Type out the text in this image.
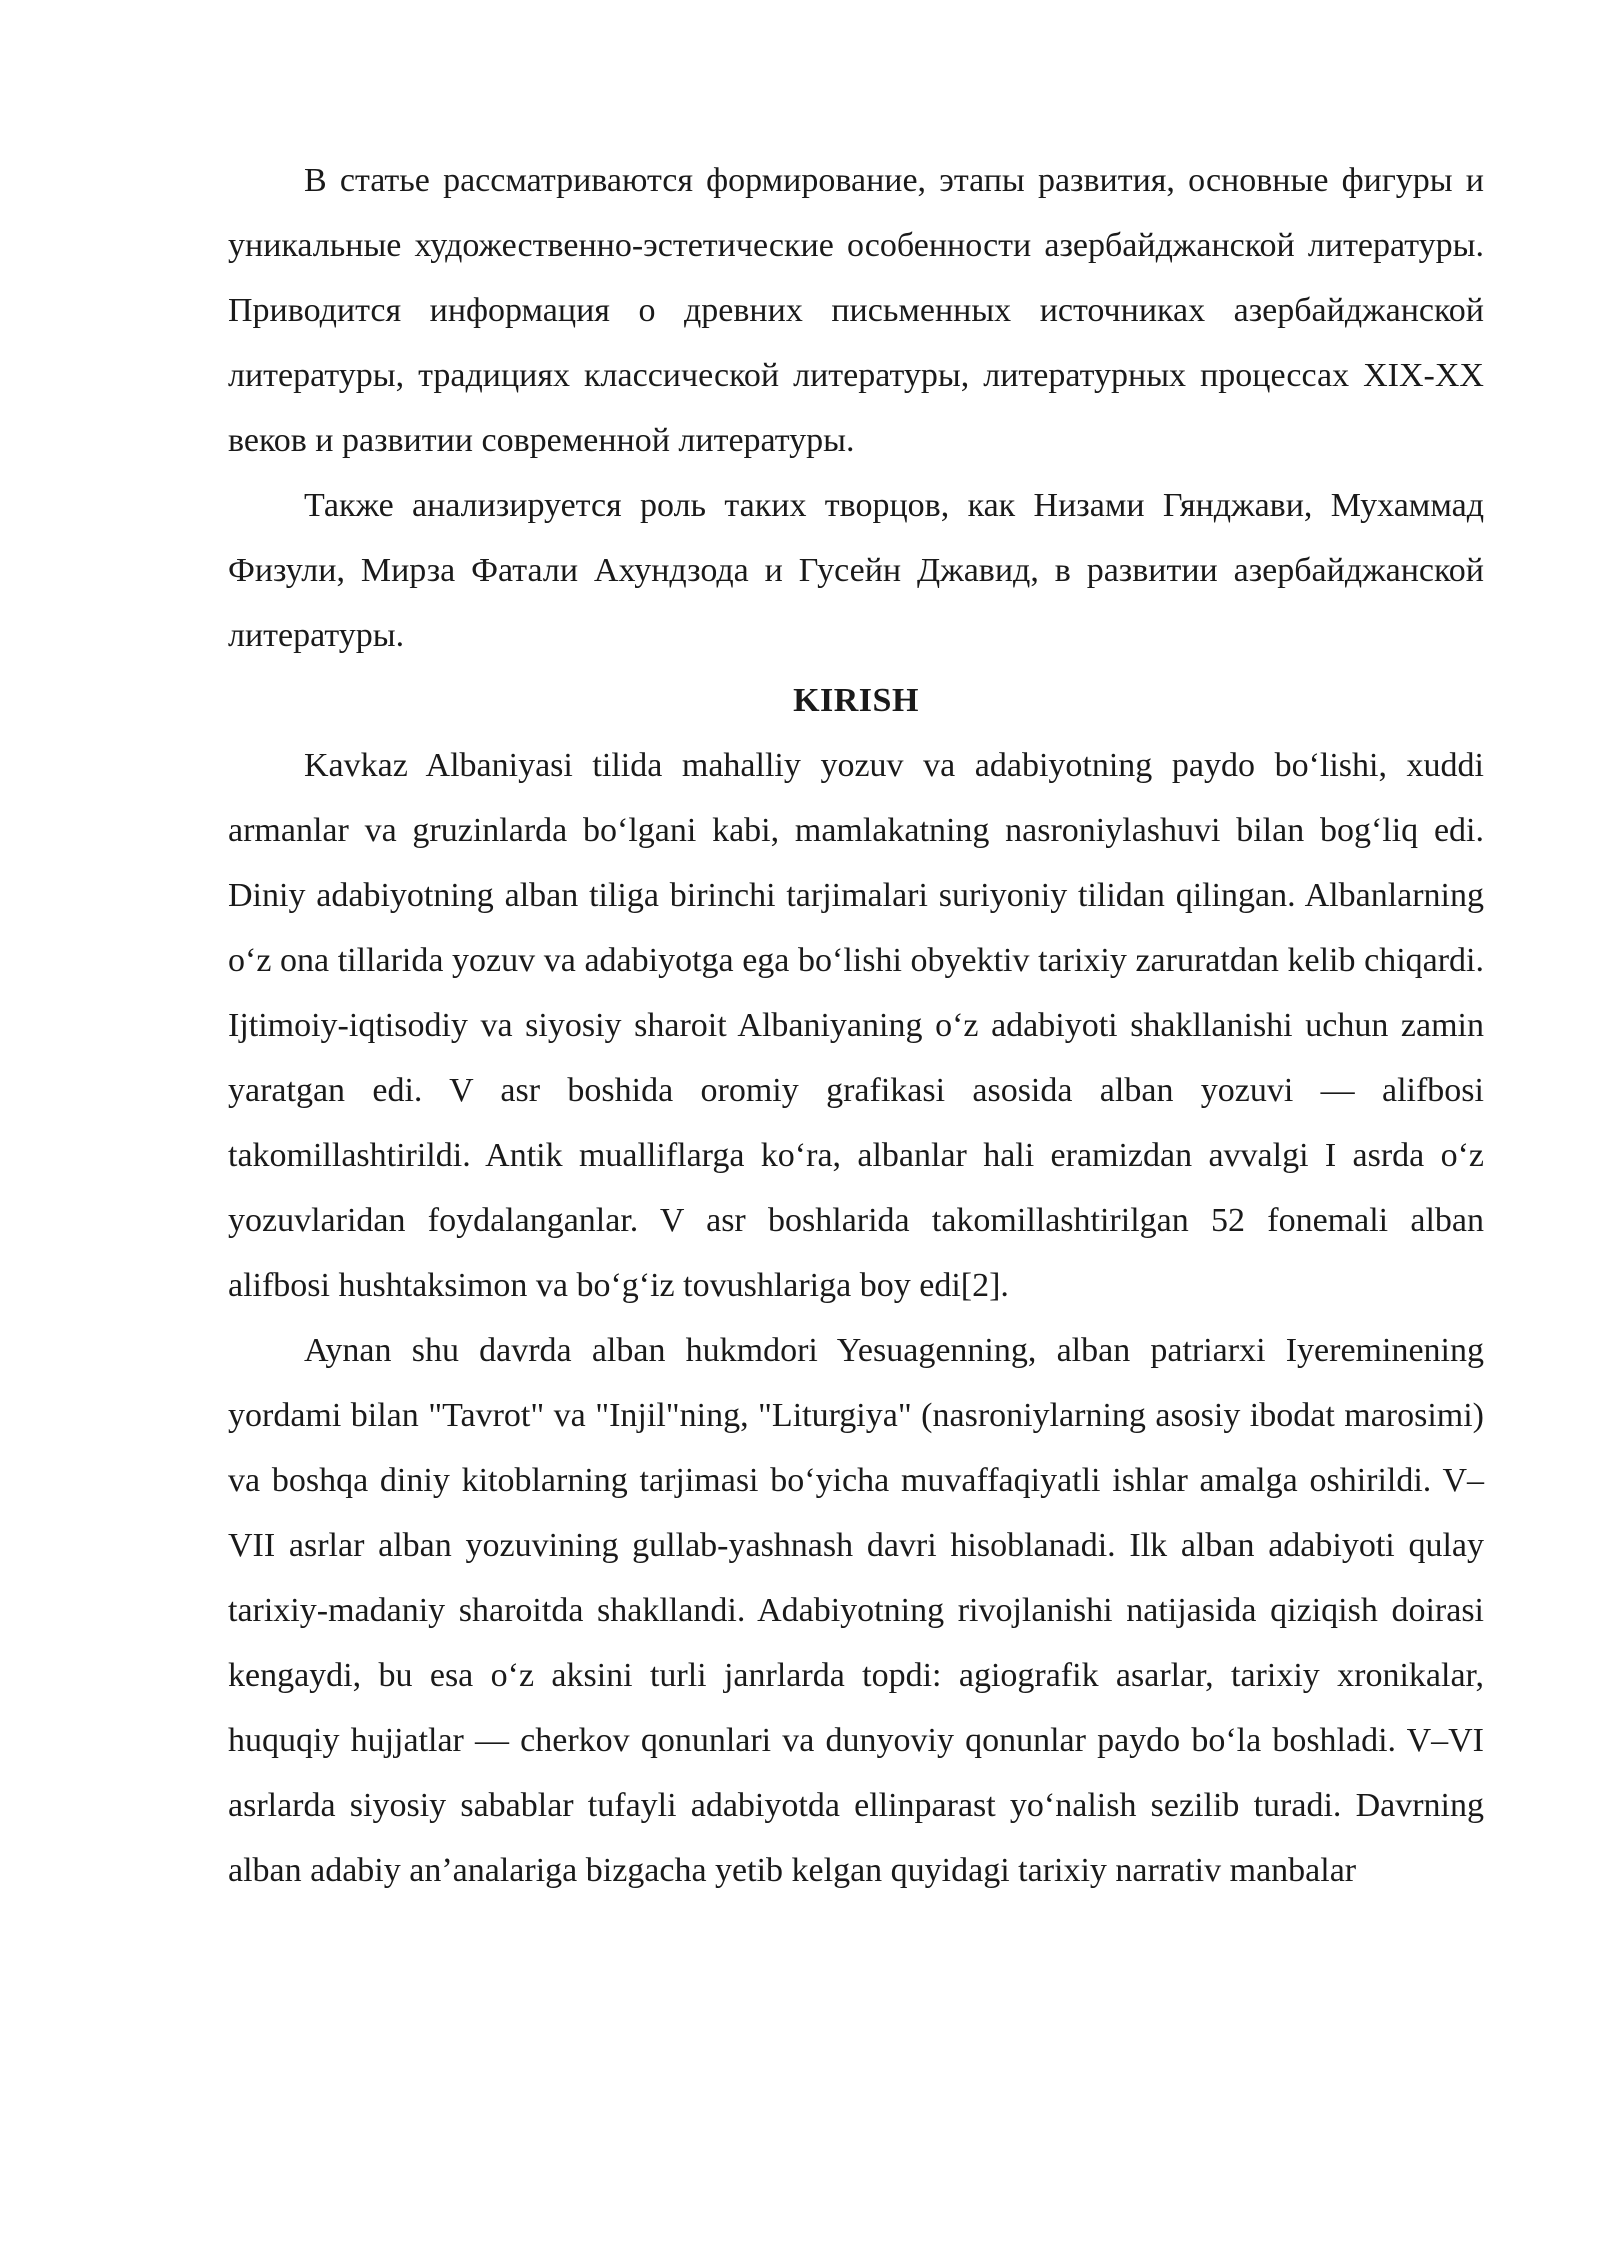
В статье рассматриваются формирование, этапы развития, основные фигуры и уникальные художественно-эстетические особенности азербайджанской литературы. Приводится информация о древних письменных источниках азербайджанской литературы, традициях классической литературы, литературных процессах XIX-XX веков и развитии современной литературы.

Также анализируется роль таких творцов, как Низами Гянджави, Мухаммад Физули, Мирза Фатали Ахундзода и Гусейн Джавид, в развитии азербайджанской литературы.

KIRISH

Kavkaz Albaniyasi tilida mahalliy yozuv va adabiyotning paydo boʻlishi, xuddi armanlar va gruzinlarda boʻlgani kabi, mamlakatning nasroniylashuvi bilan bogʻliq edi. Diniy adabiyotning alban tiliga birinchi tarjimalari suriyoniy tilidan qilingan. Albanlarning oʻz ona tillarida yozuv va adabiyotga ega boʻlishi obyektiv tarixiy zaruratdan kelib chiqardi. Ijtimoiy-iqtisodiy va siyosiy sharoit Albaniyaning oʻz adabiyoti shakllanishi uchun zamin yaratgan edi. V asr boshida oromiy grafikasi asosida alban yozuvi — alifbosi takomillashtirildi. Antik mualliflarga koʻra, albanlar hali eramizdan avvalgi I asrda oʻz yozuvlaridan foydalanganlar. V asr boshlarida takomillashtirilgan 52 fonemali alban alifbosi hushtaksimon va boʻgʻiz tovushlariga boy edi[2].

Aynan shu davrda alban hukmdori Yesuagenning, alban patriarxi Iyereminening yordami bilan "Tavrot" va "Injil"ning, "Liturgiya" (nasroniylarning asosiy ibodat marosimi) va boshqa diniy kitoblarning tarjimasi boʻyicha muvaffaqiyatli ishlar amalga oshirildi. V–VII asrlar alban yozuvining gullab-yashnash davri hisoblanadi. Ilk alban adabiyoti qulay tarixiy-madaniy sharoitda shakllandi. Adabiyotning rivojlanishi natijasida qiziqish doirasi kengaydi, bu esa oʻz aksini turli janrlarda topdi: agiografik asarlar, tarixiy xronikalar, huquqiy hujjatlar — cherkov qonunlari va dunyoviy qonunlar paydo boʻla boshladi. V–VI asrlarda siyosiy sabablar tufayli adabiyotda ellinparast yoʻnalish sezilib turadi. Davrning alban adabiy anʼanalariga bizgacha yetib kelgan quyidagi tarixiy narrativ manbalar
